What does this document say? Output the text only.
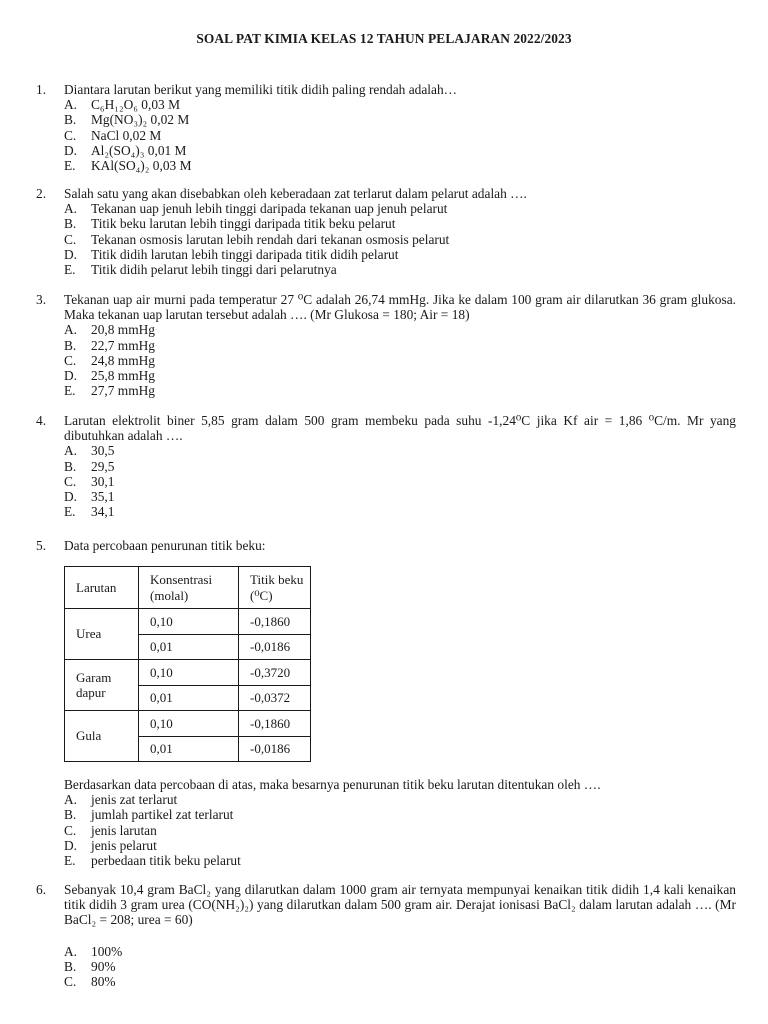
SOAL PAT KIMIA KELAS 12 TAHUN PELAJARAN 2022/2023
1. Diantara larutan berikut yang memiliki titik didih paling rendah adalah…
A. C₆H₁₂O₆ 0,03 M
B. Mg(NO₃)₂ 0,02 M
C. NaCl 0,02 M
D. Al₂(SO₄)₃ 0,01 M
E. KAl(SO₄)₂ 0,03 M
2. Salah satu yang akan disebabkan oleh keberadaan zat terlarut dalam pelarut adalah ….
A. Tekanan uap jenuh lebih tinggi daripada tekanan uap jenuh pelarut
B. Titik beku larutan lebih tinggi daripada titik beku pelarut
C. Tekanan osmosis larutan lebih rendah dari tekanan osmosis pelarut
D. Titik didih larutan lebih tinggi daripada titik didih pelarut
E. Titik didih pelarut lebih tinggi dari pelarutnya
3. Tekanan uap air murni pada temperatur 27 ⁰C adalah 26,74 mmHg. Jika ke dalam 100 gram air dilarutkan 36 gram glukosa. Maka tekanan uap larutan tersebut adalah …. (Mr Glukosa = 180; Air = 18)
A. 20,8 mmHg
B. 22,7 mmHg
C. 24,8 mmHg
D. 25,8 mmHg
E. 27,7 mmHg
4. Larutan elektrolit biner 5,85 gram dalam 500 gram membeku pada suhu -1,24⁰C jika Kf air = 1,86 ⁰C/m. Mr yang dibutuhkan adalah ….
A. 30,5
B. 29,5
C. 30,1
D. 35,1
E. 34,1
5. Data percobaan penurunan titik beku:
Larutan	Konsentrasi (molal)	Titik beku (⁰C)
Urea	0,10	-0,1860
	0,01	-0,0186
Garam dapur	0,10	-0,3720
	0,01	-0,0372
Gula	0,10	-0,1860
	0,01	-0,0186
Berdasarkan data percobaan di atas, maka besarnya penurunan titik beku larutan ditentukan oleh ….
A. jenis zat terlarut
B. jumlah partikel zat terlarut
C. jenis larutan
D. jenis pelarut
E. perbedaan titik beku pelarut
6. Sebanyak 10,4 gram BaCl₂ yang dilarutkan dalam 1000 gram air ternyata mempunyai kenaikan titik didih 1,4 kali kenaikan titik didih 3 gram urea (CO(NH₂)₂) yang dilarutkan dalam 500 gram air. Derajat ionisasi BaCl₂ dalam larutan adalah …. (Mr BaCl₂ = 208; urea = 60)
A. 100%
B. 90%
C. 80%
